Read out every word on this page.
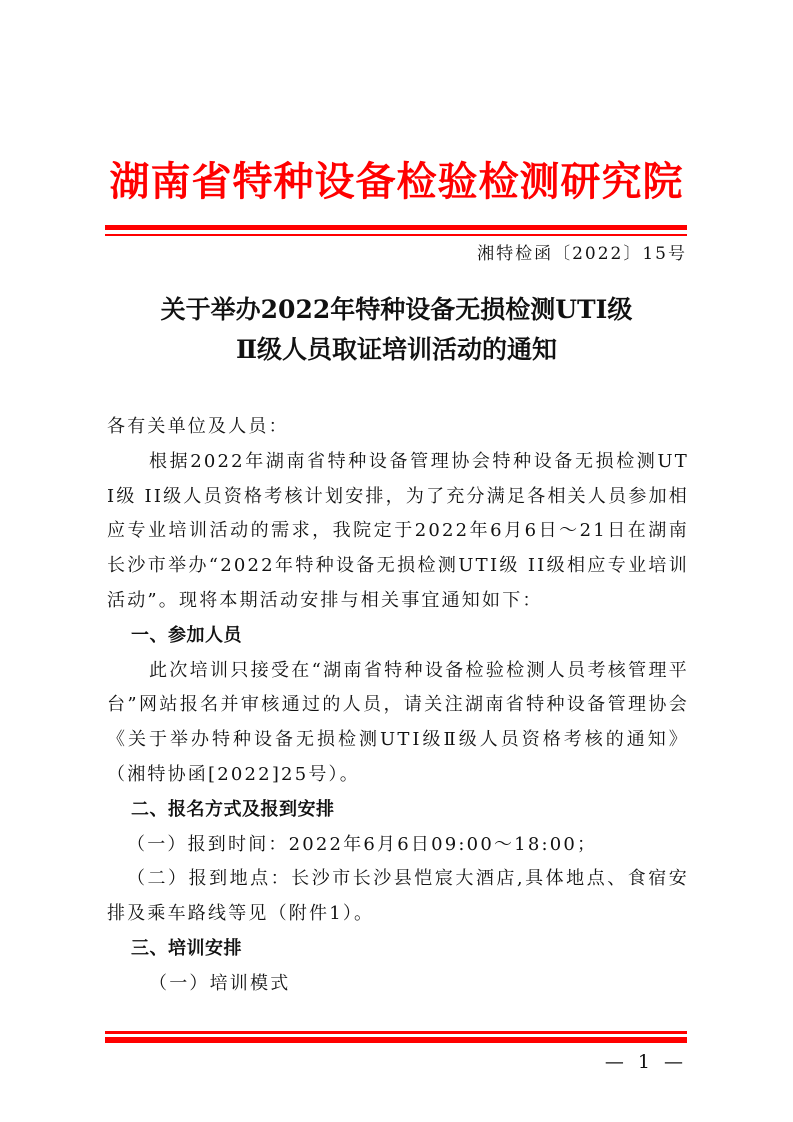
湖南省特种设备检验检测研究院
湘特检函〔2022〕15号
关于举办2022年特种设备无损检测UTⅠ级
Ⅱ级人员取证培训活动的通知

各有关单位及人员：

根据2022年湖南省特种设备管理协会特种设备无损检测UT Ⅰ级 II级人员资格考核计划安排，为了充分满足各相关人员参加相应专业培训活动的需求，我院定于2022年6月6日～21日在湖南长沙市举办“2022年特种设备无损检测UTⅠ级 II级相应专业培训活动”。现将本期活动安排与相关事宜通知如下：

一、参加人员

此次培训只接受在“湖南省特种设备检验检测人员考核管理平台”网站报名并审核通过的人员，请关注湖南省特种设备管理协会《关于举办特种设备无损检测UTⅠ级Ⅱ级人员资格考核的通知》（湘特协函[2022]25号）。

二、报名方式及报到安排

（一）报到时间：2022年6月6日09:00～18:00；

（二）报到地点：长沙市长沙县恺宸大酒店,具体地点、食宿安排及乘车路线等见（附件1）。

三、培训安排

（一）培训模式

— 1 —
